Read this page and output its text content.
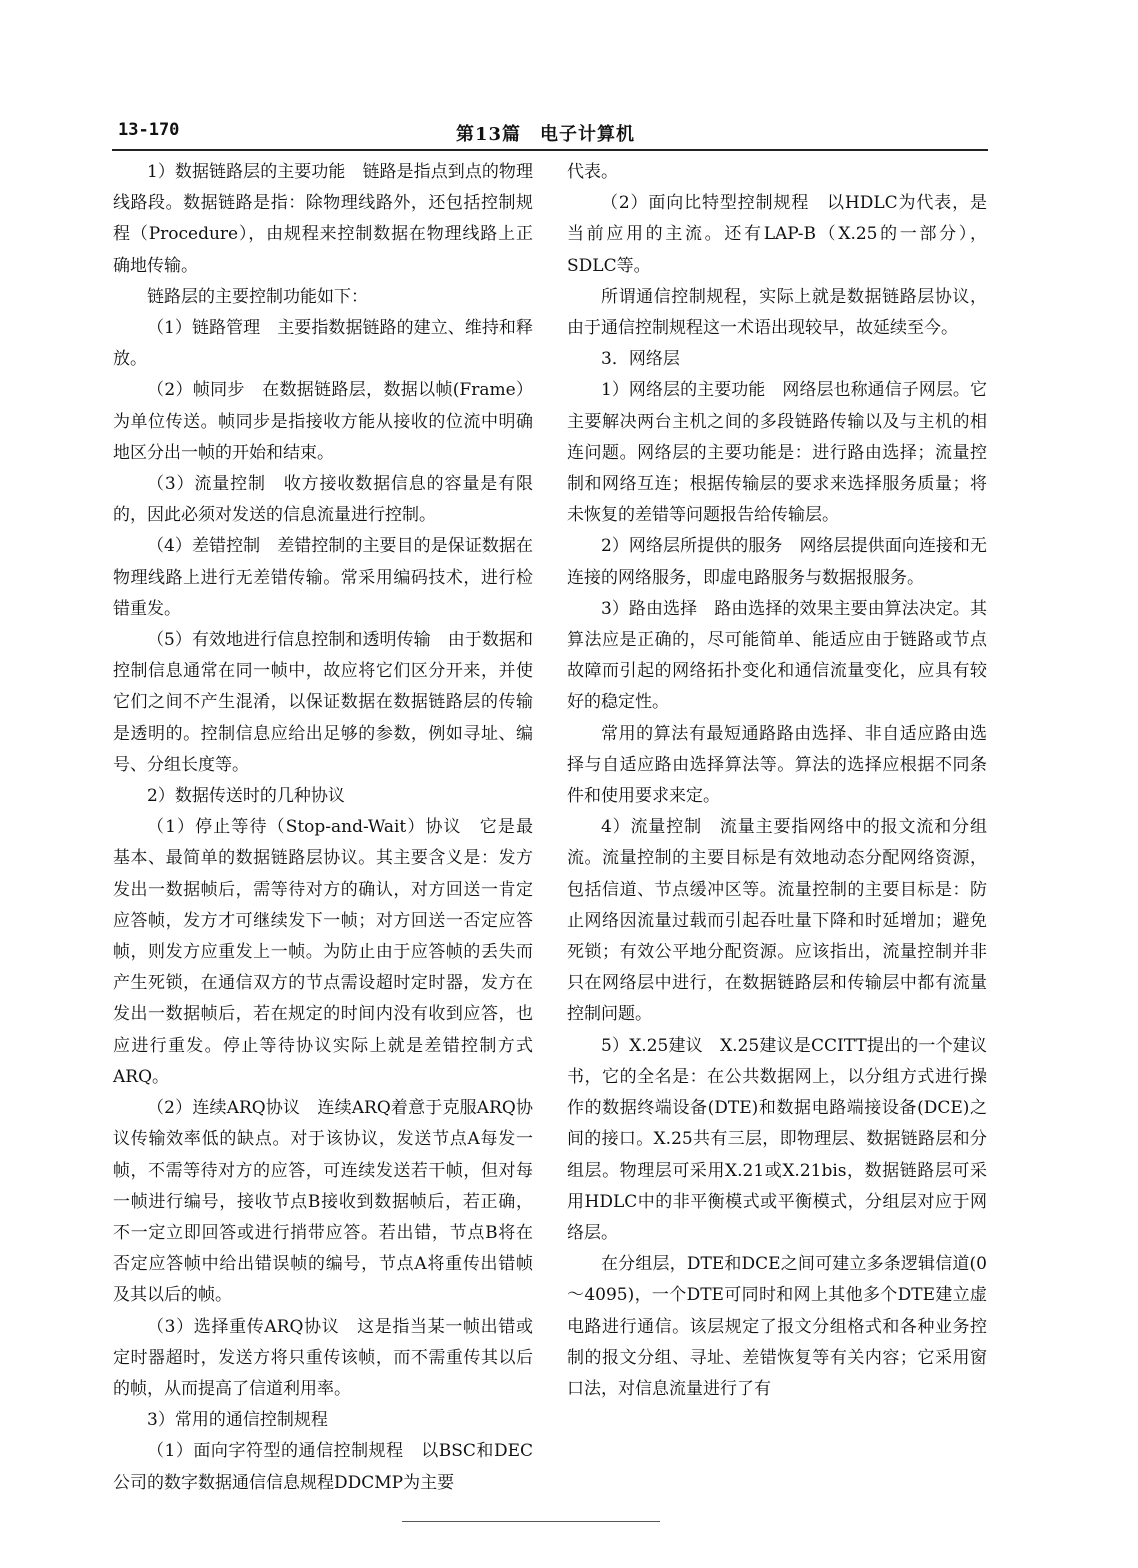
13-170	第13篇　电子计算机

1）数据链路层的主要功能　链路是指点到点的物理线路段。数据链路是指：除物理线路外，还包括控制规程（Procedure），由规程来控制数据在物理线路上正确地传输。

链路层的主要控制功能如下：

（1）链路管理　主要指数据链路的建立、维持和释放。

（2）帧同步　在数据链路层，数据以帧(Frame）为单位传送。帧同步是指接收方能从接收的位流中明确地区分出一帧的开始和结束。

（3）流量控制　收方接收数据信息的容量是有限的，因此必须对发送的信息流量进行控制。

（4）差错控制　差错控制的主要目的是保证数据在物理线路上进行无差错传输。常采用编码技术，进行检错重发。

（5）有效地进行信息控制和透明传输　由于数据和控制信息通常在同一帧中，故应将它们区分开来，并使它们之间不产生混淆，以保证数据在数据链路层的传输是透明的。控制信息应给出足够的参数，例如寻址、编号、分组长度等。

2）数据传送时的几种协议

（1）停止等待（Stop-and-Wait）协议　它是最基本、最简单的数据链路层协议。其主要含义是：发方发出一数据帧后，需等待对方的确认，对方回送一肯定应答帧，发方才可继续发下一帧；对方回送一否定应答帧，则发方应重发上一帧。为防止由于应答帧的丢失而产生死锁，在通信双方的节点需设超时定时器，发方在发出一数据帧后，若在规定的时间内没有收到应答，也应进行重发。停止等待协议实际上就是差错控制方式ARQ。

（2）连续ARQ协议　连续ARQ着意于克服ARQ协议传输效率低的缺点。对于该协议，发送节点A每发一帧，不需等待对方的应答，可连续发送若干帧，但对每一帧进行编号，接收节点B接收到数据帧后，若正确，不一定立即回答或进行捎带应答。若出错，节点B将在否定应答帧中给出错误帧的编号，节点A将重传出错帧及其以后的帧。

（3）选择重传ARQ协议　这是指当某一帧出错或定时器超时，发送方将只重传该帧，而不需重传其以后的帧，从而提高了信道利用率。

3）常用的通信控制规程

（1）面向字符型的通信控制规程　以BSC和DEC公司的数字数据通信信息规程DDCMP为主要

代表。

（2）面向比特型控制规程　以HDLC为代表，是当前应用的主流。还有LAP-B（X.25的一部分），SDLC等。

所谓通信控制规程，实际上就是数据链路层协议，由于通信控制规程这一术语出现较早，故延续至今。

3．网络层

1）网络层的主要功能　网络层也称通信子网层。它主要解决两台主机之间的多段链路传输以及与主机的相连问题。网络层的主要功能是：进行路由选择；流量控制和网络互连；根据传输层的要求来选择服务质量；将未恢复的差错等问题报告给传输层。

2）网络层所提供的服务　网络层提供面向连接和无连接的网络服务，即虚电路服务与数据报服务。

3）路由选择　路由选择的效果主要由算法决定。其算法应是正确的，尽可能简单、能适应由于链路或节点故障而引起的网络拓扑变化和通信流量变化，应具有较好的稳定性。

常用的算法有最短通路路由选择、非自适应路由选择与自适应路由选择算法等。算法的选择应根据不同条件和使用要求来定。

4）流量控制　流量主要指网络中的报文流和分组流。流量控制的主要目标是有效地动态分配网络资源，包括信道、节点缓冲区等。流量控制的主要目标是：防止网络因流量过载而引起吞吐量下降和时延增加；避免死锁；有效公平地分配资源。应该指出，流量控制并非只在网络层中进行，在数据链路层和传输层中都有流量控制问题。

5）X.25建议　X.25建议是CCITT提出的一个建议书，它的全名是：在公共数据网上，以分组方式进行操作的数据终端设备(DTE)和数据电路端接设备(DCE)之间的接口。X.25共有三层，即物理层、数据链路层和分组层。物理层可采用X.21或X.21bis，数据链路层可采用HDLC中的非平衡模式或平衡模式，分组层对应于网络层。

在分组层，DTE和DCE之间可建立多条逻辑信道(0～4095)，一个DTE可同时和网上其他多个DTE建立虚电路进行通信。该层规定了报文分组格式和各种业务控制的报文分组、寻址、差错恢复等有关内容；它采用窗口法，对信息流量进行了有
